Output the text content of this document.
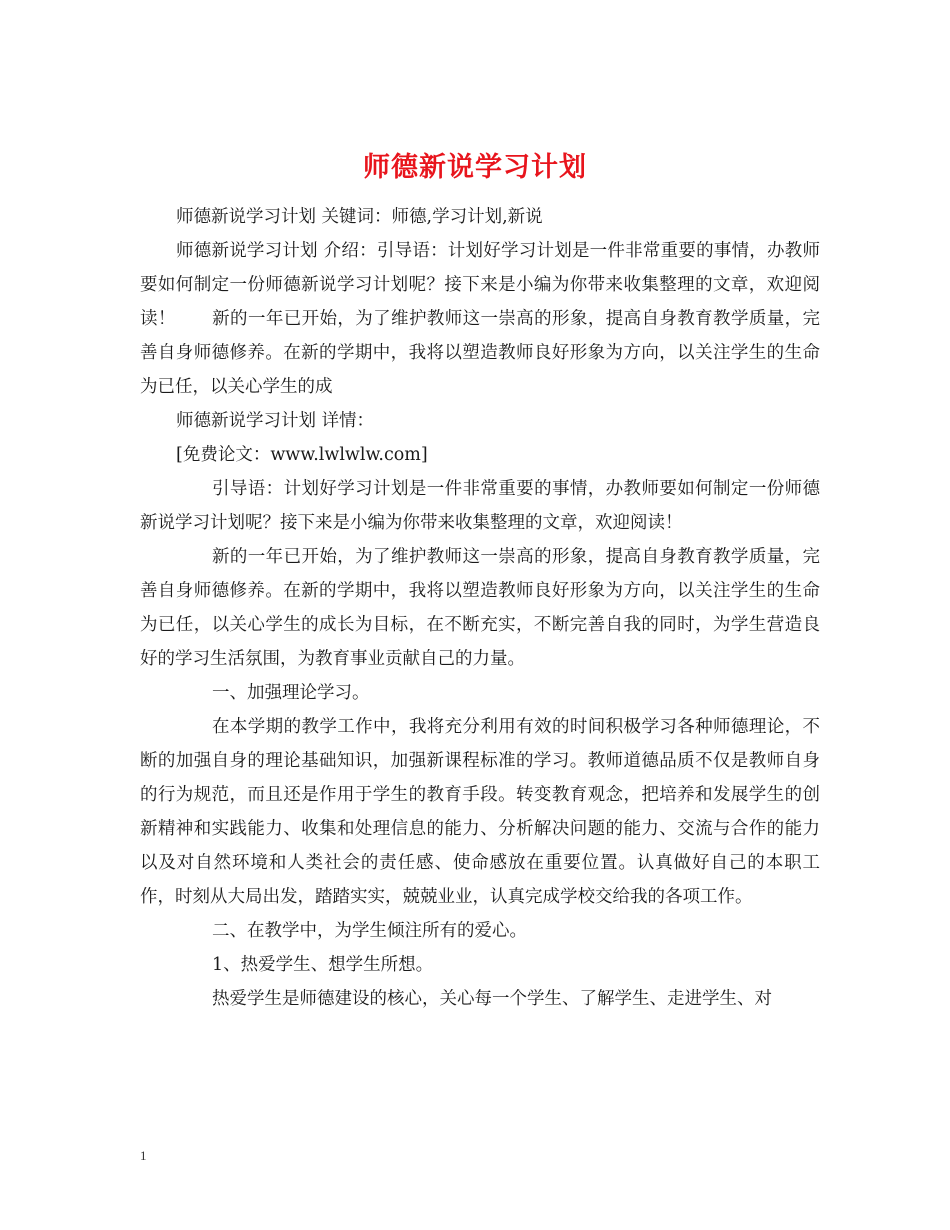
师德新说学习计划

师德新说学习计划 关键词：师德,学习计划,新说

师德新说学习计划 介绍：引导语：计划好学习计划是一件非常重要的事情，办教师要如何制定一份师德新说学习计划呢？接下来是小编为你带来收集整理的文章，欢迎阅读！ 新的一年已开始，为了维护教师这一崇高的形象，提高自身教育教学质量，完善自身师德修养。在新的学期中，我将以塑造教师良好形象为方向，以关注学生的生命为已任，以关心学生的成

师德新说学习计划 详情：

[免费论文：www.lwlwlw.com]

引导语：计划好学习计划是一件非常重要的事情，办教师要如何制定一份师德新说学习计划呢？接下来是小编为你带来收集整理的文章，欢迎阅读！

新的一年已开始，为了维护教师这一崇高的形象，提高自身教育教学质量，完善自身师德修养。在新的学期中，我将以塑造教师良好形象为方向，以关注学生的生命为已任，以关心学生的成长为目标，在不断充实，不断完善自我的同时，为学生营造良好的学习生活氛围，为教育事业贡献自己的力量。

一、加强理论学习。

在本学期的教学工作中，我将充分利用有效的时间积极学习各种师德理论，不断的加强自身的理论基础知识，加强新课程标准的学习。教师道德品质不仅是教师自身的行为规范，而且还是作用于学生的教育手段。转变教育观念，把培养和发展学生的创新精神和实践能力、收集和处理信息的能力、分析解决问题的能力、交流与合作的能力以及对自然环境和人类社会的责任感、使命感放在重要位置。认真做好自己的本职工作，时刻从大局出发，踏踏实实，兢兢业业，认真完成学校交给我的各项工作。

二、在教学中，为学生倾注所有的爱心。

1、热爱学生、想学生所想。

热爱学生是师德建设的核心，关心每一个学生、了解学生、走进学生、对

1
